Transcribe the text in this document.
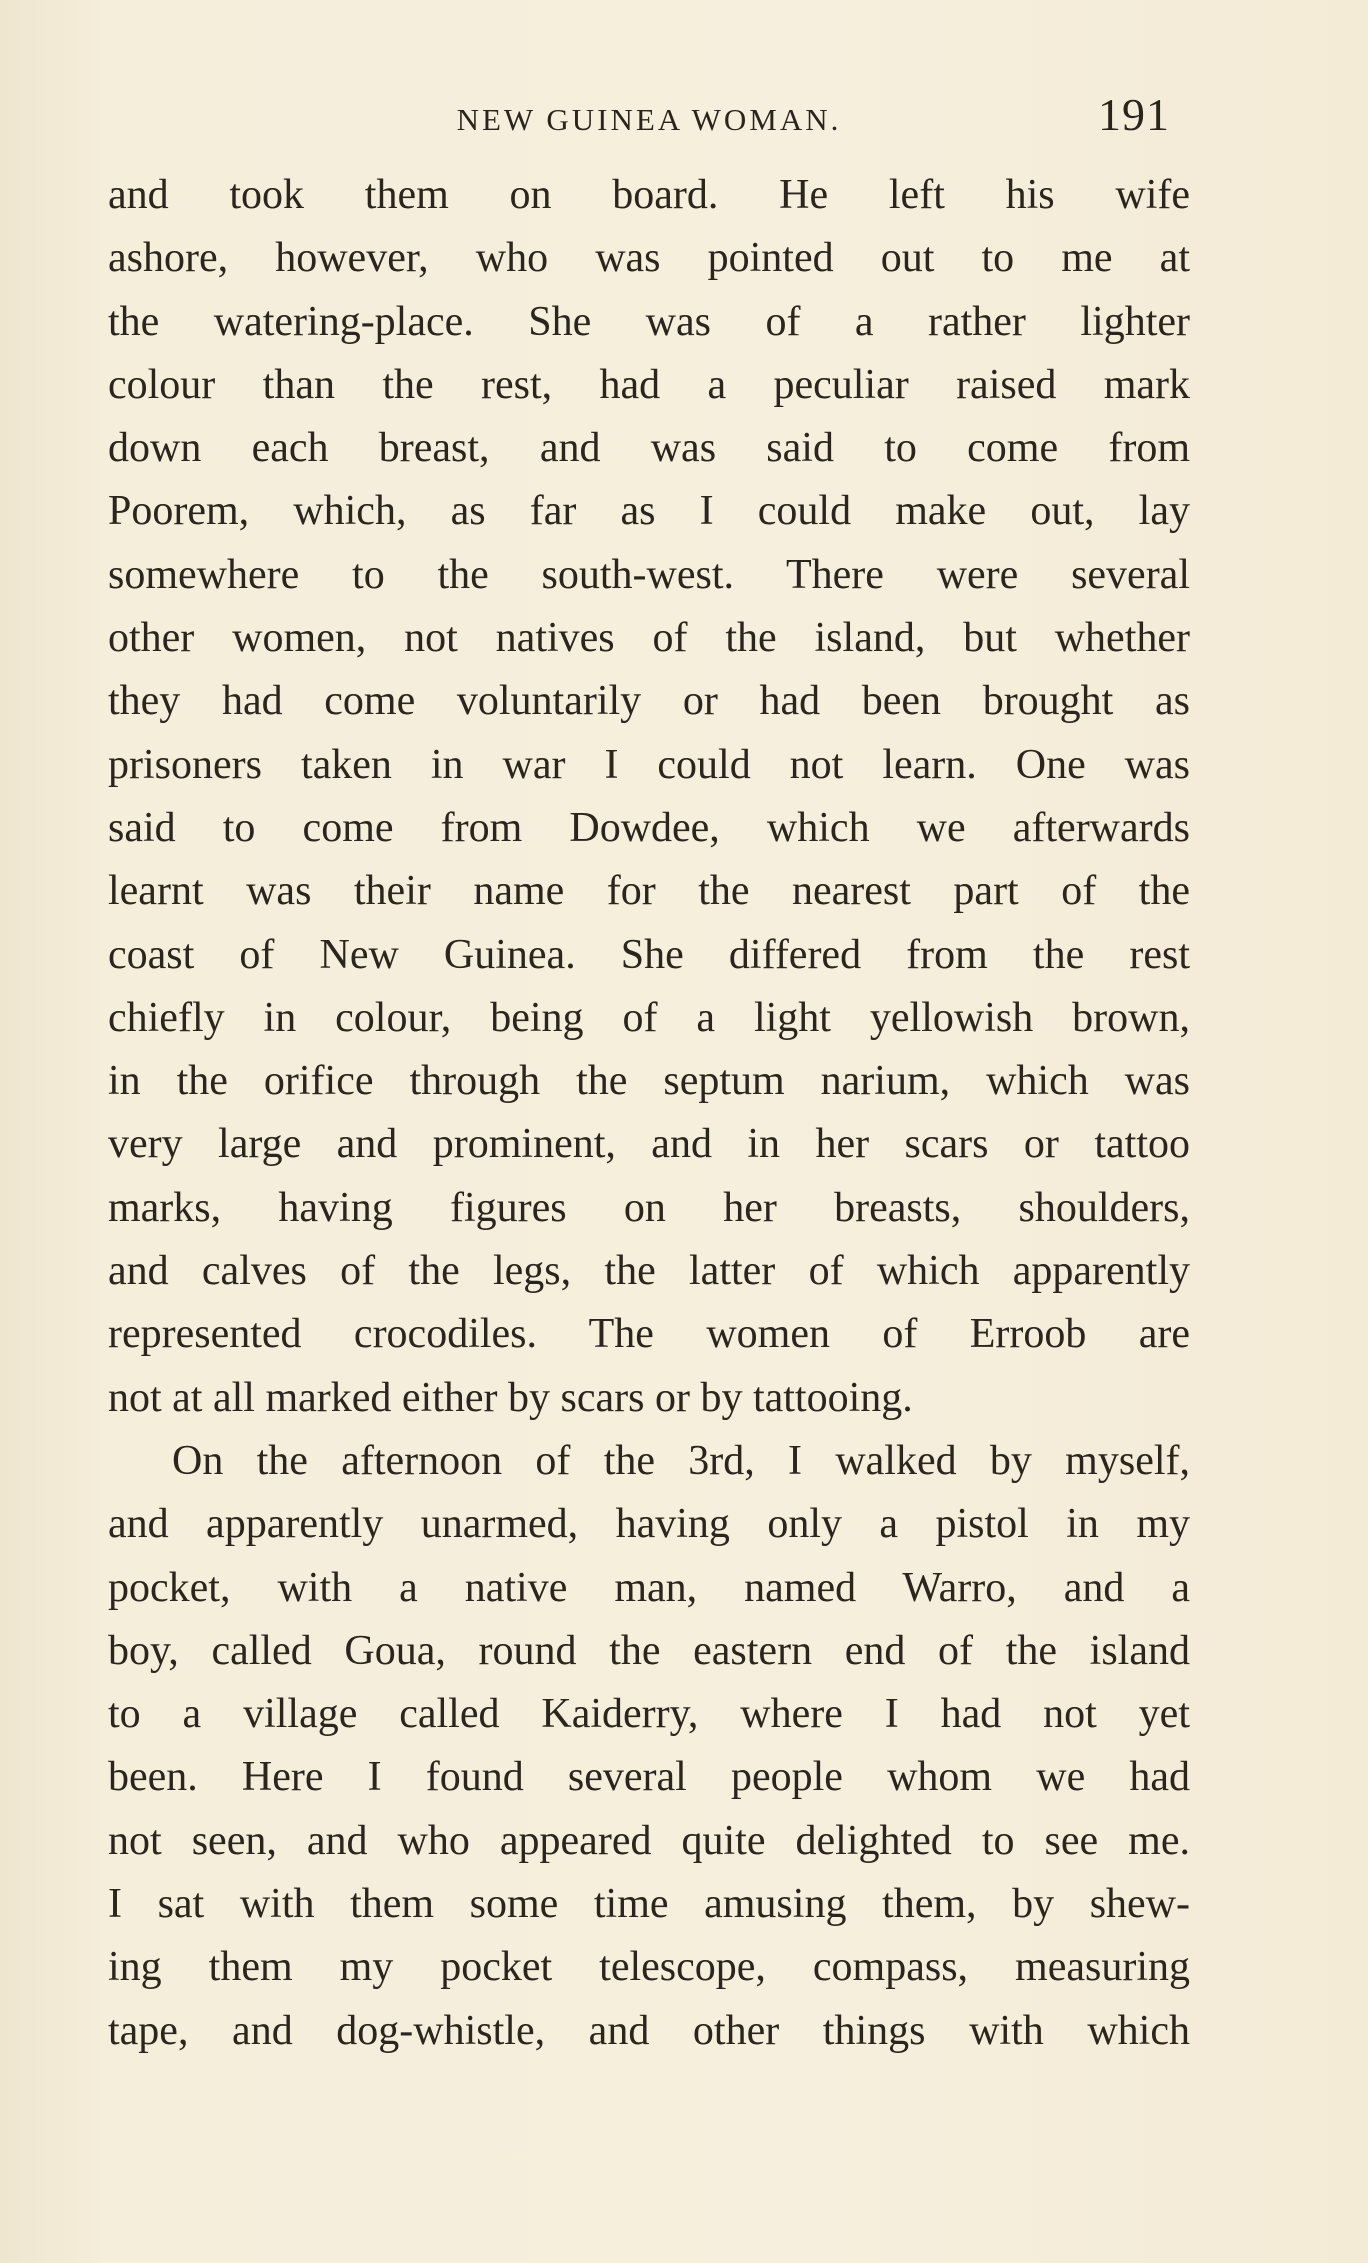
NEW GUINEA WOMAN.	191
and took them on board. He left his wife
ashore, however, who was pointed out to me at
the watering-place. She was of a rather lighter
colour than the rest, had a peculiar raised mark
down each breast, and was said to come from
Poorem, which, as far as I could make out, lay
somewhere to the south-west. There were several
other women, not natives of the island, but whether
they had come voluntarily or had been brought as
prisoners taken in war I could not learn. One was
said to come from Dowdee, which we afterwards
learnt was their name for the nearest part of the
coast of New Guinea. She differed from the rest
chiefly in colour, being of a light yellowish brown,
in the orifice through the septum narium, which was
very large and prominent, and in her scars or tattoo
marks, having figures on her breasts, shoulders,
and calves of the legs, the latter of which apparently
represented crocodiles. The women of Erroob are
not at all marked either by scars or by tattooing.
On the afternoon of the 3rd, I walked by myself,
and apparently unarmed, having only a pistol in my
pocket, with a native man, named Warro, and a
boy, called Goua, round the eastern end of the island
to a village called Kaiderry, where I had not yet
been. Here I found several people whom we had
not seen, and who appeared quite delighted to see me.
I sat with them some time amusing them, by shew-
ing them my pocket telescope, compass, measuring
tape, and dog-whistle, and other things with which
